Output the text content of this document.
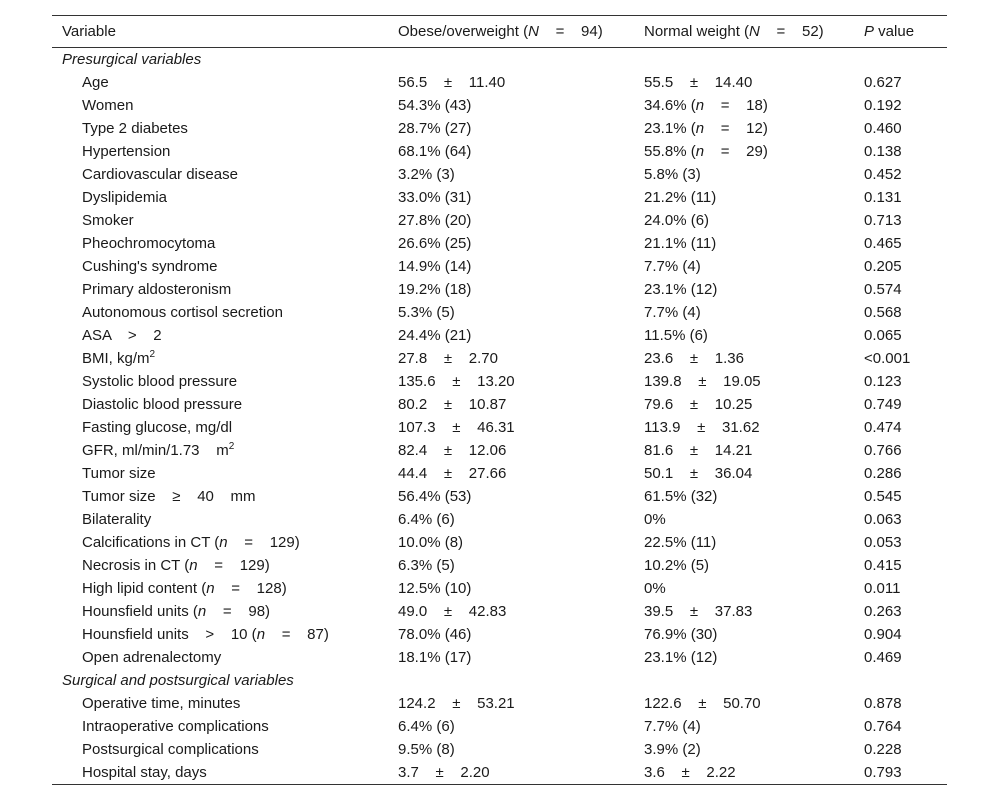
Variable	Obese/overweight (N    =    94)	Normal weight (N    =    52)	P value
Presurgical variables			
Age	56.5    ±    11.40	55.5    ±    14.40	0.627
Women	54.3% (43)	34.6% (n    =    18)	0.192
Type 2 diabetes	28.7% (27)	23.1% (n    =    12)	0.460
Hypertension	68.1% (64)	55.8% (n    =    29)	0.138
Cardiovascular disease	3.2% (3)	5.8% (3)	0.452
Dyslipidemia	33.0% (31)	21.2% (11)	0.131
Smoker	27.8% (20)	24.0% (6)	0.713
Pheochromocytoma	26.6% (25)	21.1% (11)	0.465
Cushing's syndrome	14.9% (14)	7.7% (4)	0.205
Primary aldosteronism	19.2% (18)	23.1% (12)	0.574
Autonomous cortisol secretion	5.3% (5)	7.7% (4)	0.568
ASA    >    2	24.4% (21)	11.5% (6)	0.065
BMI, $kg/m^2$	27.8    ±    2.70	23.6    ±    1.36	<0.001
Systolic blood pressure	135.6    ±    13.20	139.8    ±    19.05	0.123
Diastolic blood pressure	80.2    ±    10.87	79.6    ±    10.25	0.749
Fasting glucose, mg/dl	107.3    ±    46.31	113.9    ±    31.62	0.474
GFR, ml/min/1.73    $m^2$	82.4    ±    12.06	81.6    ±    14.21	0.766
Tumor size	44.4    ±    27.66	50.1    ±    36.04	0.286
Tumor size    ≥    40    mm	56.4% (53)	61.5% (32)	0.545
Bilaterality	6.4% (6)	0%	0.063
Calcifications in CT (n    =    129)	10.0% (8)	22.5% (11)	0.053
Necrosis in CT (n    =    129)	6.3% (5)	10.2% (5)	0.415
High lipid content (n    =    128)	12.5% (10)	0%	0.011
Hounsfield units (n    =    98)	49.0    ±    42.83	39.5    ±    37.83	0.263
Hounsfield units    >    10 (n    =    87)	78.0% (46)	76.9% (30)	0.904
Open adrenalectomy	18.1% (17)	23.1% (12)	0.469
Surgical and postsurgical variables			
Operative time, minutes	124.2    ±    53.21	122.6    ±    50.70	0.878
Intraoperative complications	6.4% (6)	7.7% (4)	0.764
Postsurgical complications	9.5% (8)	3.9% (2)	0.228
Hospital stay, days	3.7    ±    2.20	3.6    ±    2.22	0.793
